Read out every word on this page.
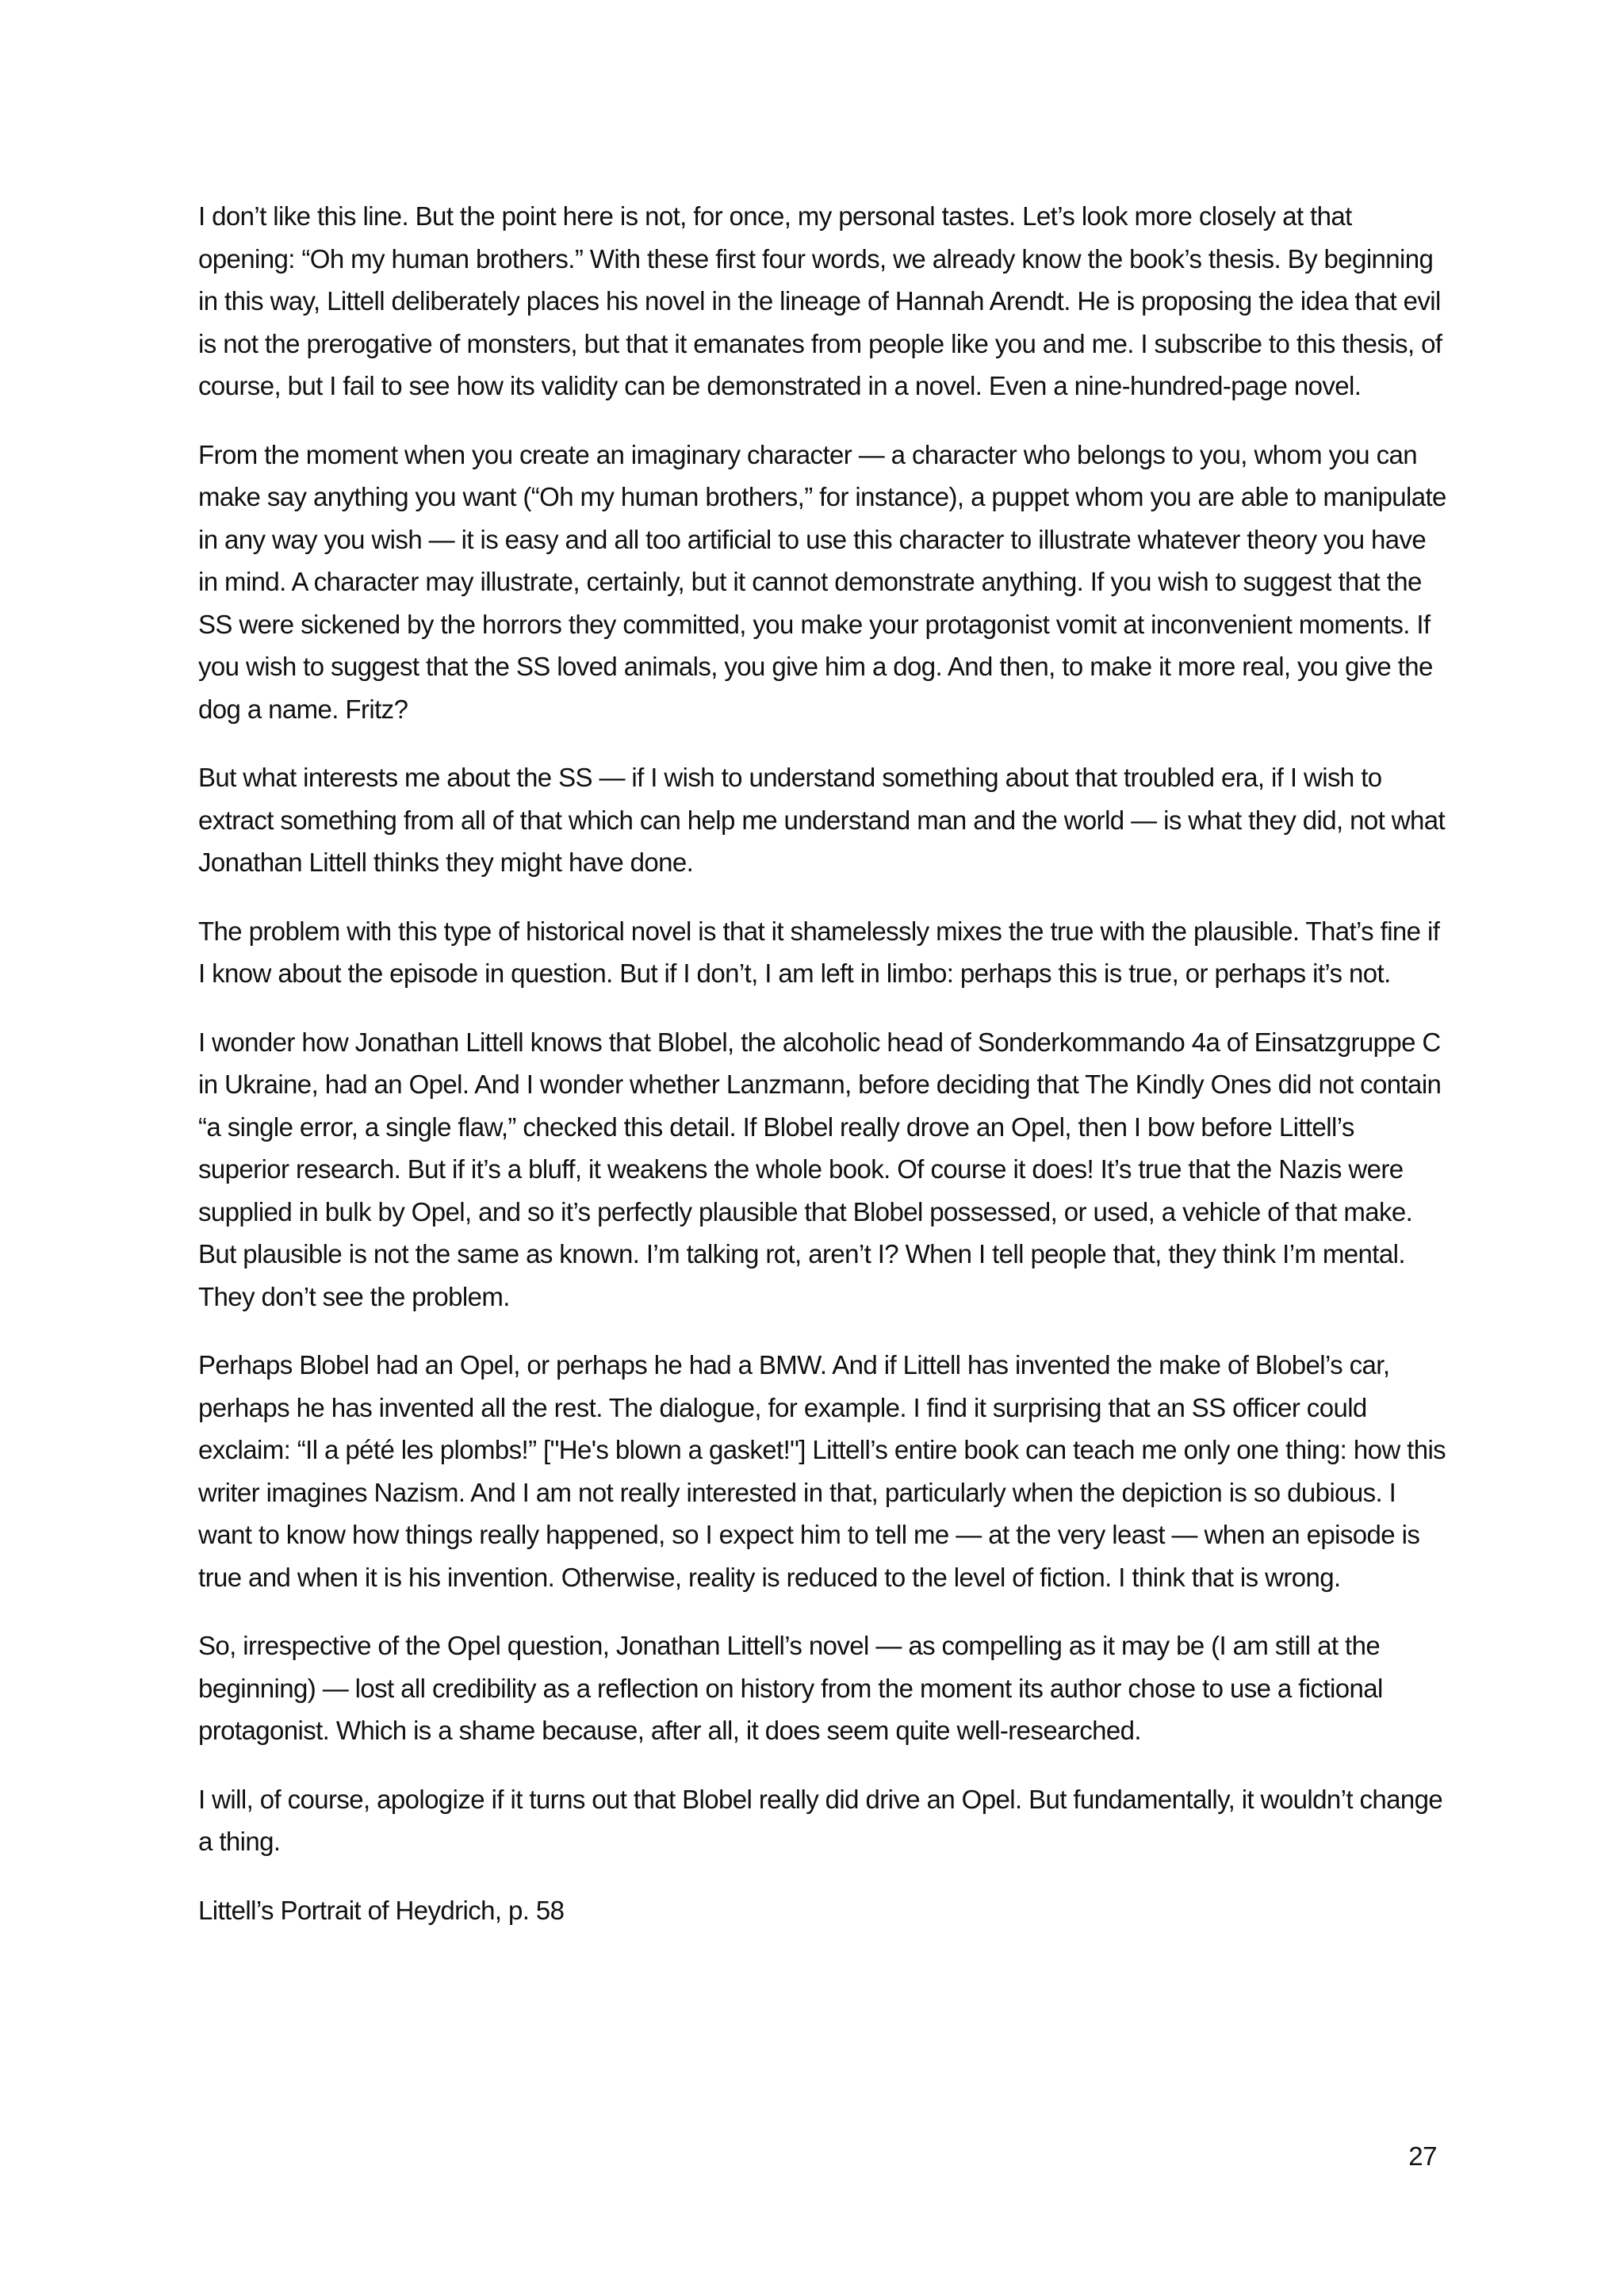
I don’t like this line. But the point here is not, for once, my personal tastes. Let’s look more closely at that opening: “Oh my human brothers.” With these first four words, we already know the book’s thesis. By beginning in this way, Littell deliberately places his novel in the lineage of Hannah Arendt. He is proposing the idea that evil is not the prerogative of monsters, but that it emanates from people like you and me. I subscribe to this thesis, of course, but I fail to see how its validity can be demonstrated in a novel. Even a nine-hundred-page novel.

From the moment when you create an imaginary character — a character who belongs to you, whom you can make say anything you want (“Oh my human brothers,” for instance), a puppet whom you are able to manipulate in any way you wish — it is easy and all too artificial to use this character to illustrate whatever theory you have in mind. A character may illustrate, certainly, but it cannot demonstrate anything. If you wish to suggest that the SS were sickened by the horrors they committed, you make your protagonist vomit at inconvenient moments. If you wish to suggest that the SS loved animals, you give him a dog. And then, to make it more real, you give the dog a name. Fritz?

But what interests me about the SS — if I wish to understand something about that troubled era, if I wish to extract something from all of that which can help me understand man and the world — is what they did, not what Jonathan Littell thinks they might have done.

The problem with this type of historical novel is that it shamelessly mixes the true with the plausible. That’s fine if I know about the episode in question. But if I don’t, I am left in limbo: perhaps this is true, or perhaps it’s not.

I wonder how Jonathan Littell knows that Blobel, the alcoholic head of Sonderkommando 4a of Einsatzgruppe C in Ukraine, had an Opel. And I wonder whether Lanzmann, before deciding that The Kindly Ones did not contain “a single error, a single flaw,” checked this detail. If Blobel really drove an Opel, then I bow before Littell’s superior research. But if it’s a bluff, it weakens the whole book. Of course it does! It’s true that the Nazis were supplied in bulk by Opel, and so it’s perfectly plausible that Blobel possessed, or used, a vehicle of that make. But plausible is not the same as known. I’m talking rot, aren’t I? When I tell people that, they think I’m mental. They don’t see the problem.

Perhaps Blobel had an Opel, or perhaps he had a BMW. And if Littell has invented the make of Blobel’s car, perhaps he has invented all the rest. The dialogue, for example. I find it surprising that an SS officer could exclaim: “Il a pété les plombs!” ["He's blown a gasket!"] Littell’s entire book can teach me only one thing: how this writer imagines Nazism. And I am not really interested in that, particularly when the depiction is so dubious. I want to know how things really happened, so I expect him to tell me — at the very least — when an episode is true and when it is his invention. Otherwise, reality is reduced to the level of fiction. I think that is wrong.

So, irrespective of the Opel question, Jonathan Littell’s novel — as compelling as it may be (I am still at the beginning) — lost all credibility as a reflection on history from the moment its author chose to use a fictional protagonist. Which is a shame because, after all, it does seem quite well-researched.

I will, of course, apologize if it turns out that Blobel really did drive an Opel. But fundamentally, it wouldn’t change a thing.

Littell’s Portrait of Heydrich, p. 58

27
